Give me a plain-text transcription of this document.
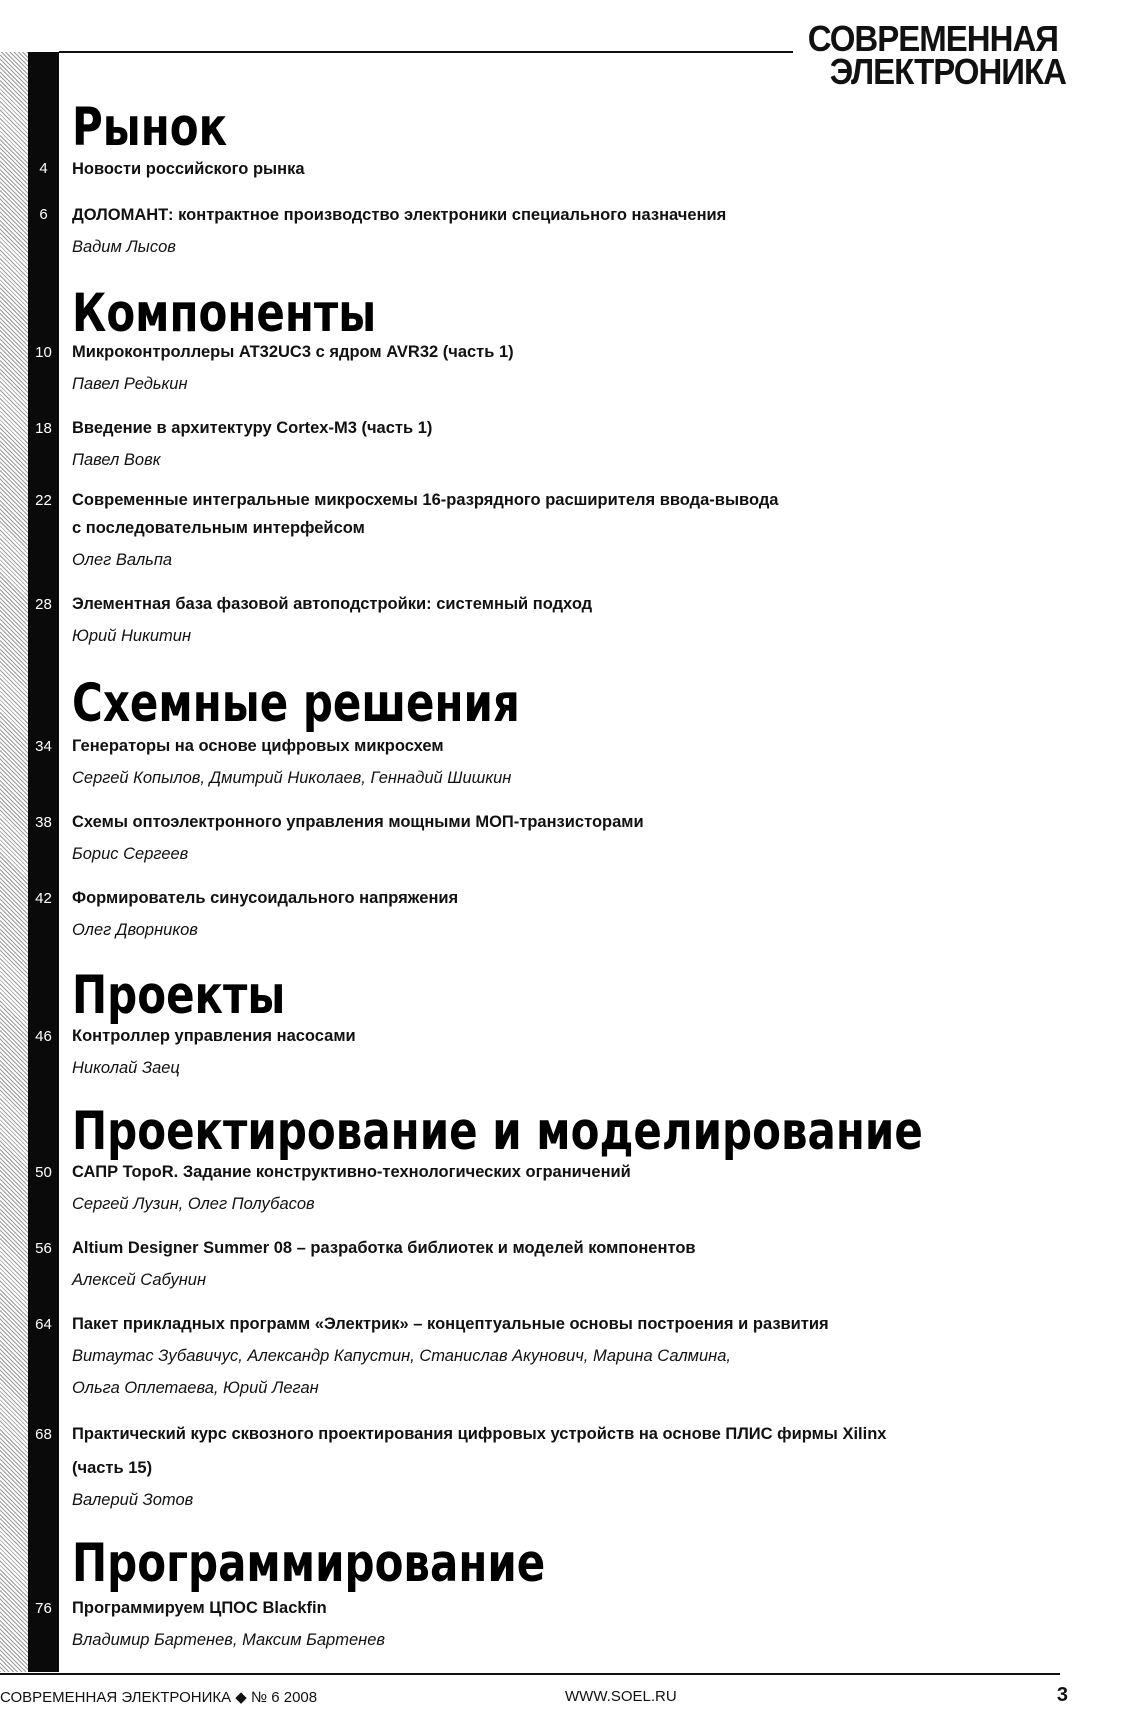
СОВРЕМЕННАЯ
ЭЛЕКТРОНИКА
Рынок
4	Новости российского рынка
6	ДОЛОМАНТ: контрактное производство электроники специального назначения
Вадим Лысов
Компоненты
10	Микроконтроллеры AT32UC3 с ядром AVR32 (часть 1)
Павел Редькин
18	Введение в архитектуру Cortex-M3 (часть 1)
Павел Вовк
22	Современные интегральные микросхемы 16-разрядного расширителя ввода-вывода
с последовательным интерфейсом
Олег Вальпа
28	Элементная база фазовой автоподстройки: системный подход
Юрий Никитин
Схемные решения
34	Генераторы на основе цифровых микросхем
Сергей Копылов, Дмитрий Николаев, Геннадий Шишкин
38	Схемы оптоэлектронного управления мощными МОП-транзисторами
Борис Сергеев
42	Формирователь синусоидального напряжения
Олег Дворников
Проекты
46	Контроллер управления насосами
Николай Заец
Проектирование и моделирование
50	САПР TopoR. Задание конструктивно-технологических ограничений
Сергей Лузин, Олег Полубасов
56	Altium Designer Summer 08 – разработка библиотек и моделей компонентов
Алексей Сабунин
64	Пакет прикладных программ «Электрик» – концептуальные основы построения и развития
Витаутас Зубавичус, Александр Капустин, Станислав Акунович, Марина Салмина,
Ольга Оплетаева, Юрий Леган
68	Практический курс сквозного проектирования цифровых устройств на основе ПЛИС фирмы Xilinx
(часть 15)
Валерий Зотов
Программирование
76	Программируем ЦПОС Blackfin
Владимир Бартенев, Максим Бартенев
СОВРЕМЕННАЯ ЭЛЕКТРОНИКА ◆ № 6 2008	WWW.SOEL.RU	3
